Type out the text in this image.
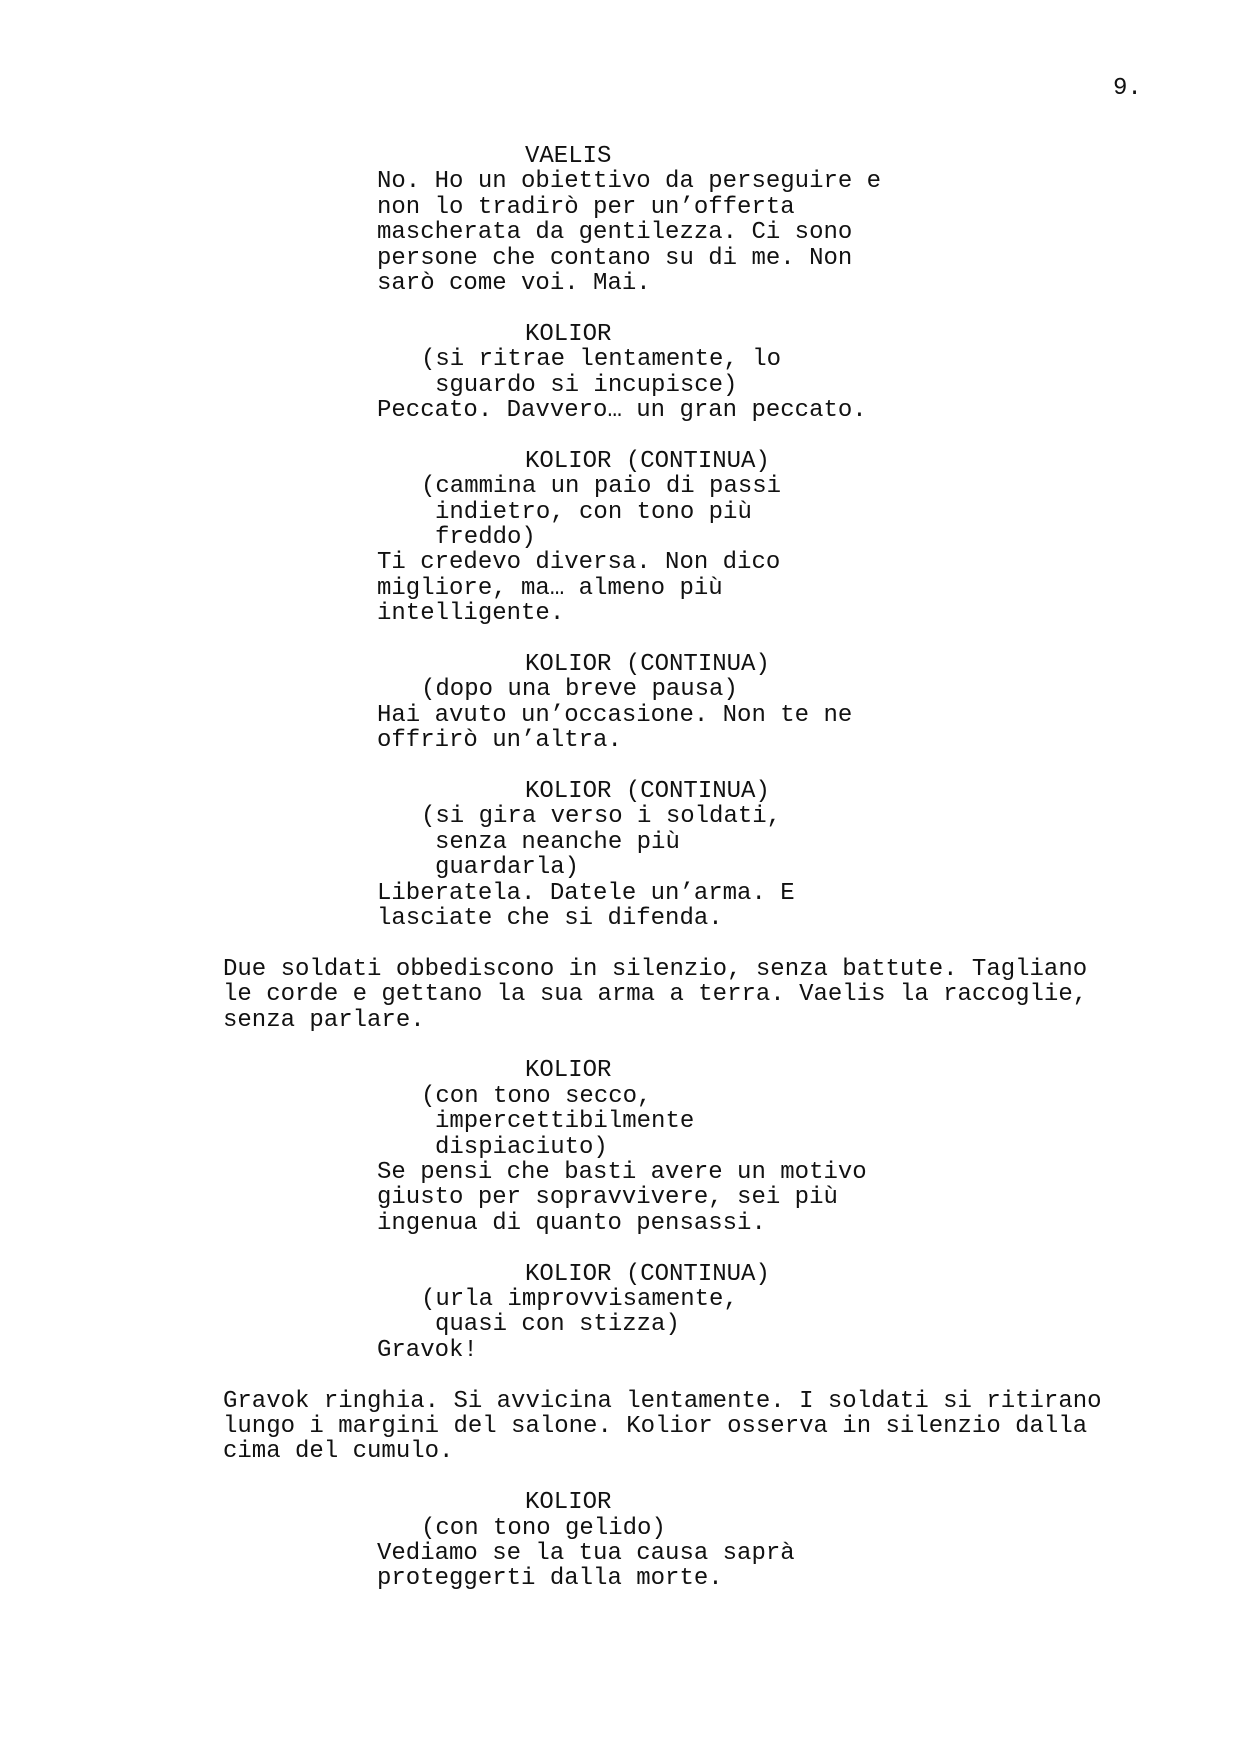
9.
VAELIS
No. Ho un obiettivo da perseguire e
non lo tradirò per un’offerta
mascherata da gentilezza. Ci sono
persone che contano su di me. Non
sarò come voi. Mai.
KOLIOR
(si ritrae lentamente, lo
sguardo si incupisce)
Peccato. Davvero… un gran peccato.
KOLIOR (CONTINUA)
(cammina un paio di passi
indietro, con tono più
freddo)
Ti credevo diversa. Non dico
migliore, ma… almeno più
intelligente.
KOLIOR (CONTINUA)
(dopo una breve pausa)
Hai avuto un’occasione. Non te ne
offrirò un’altra.
KOLIOR (CONTINUA)
(si gira verso i soldati,
senza neanche più
guardarla)
Liberatela. Datele un’arma. E
lasciate che si difenda.
Due soldati obbediscono in silenzio, senza battute. Tagliano
le corde e gettano la sua arma a terra. Vaelis la raccoglie,
senza parlare.
KOLIOR
(con tono secco,
impercettibilmente
dispiaciuto)
Se pensi che basti avere un motivo
giusto per sopravvivere, sei più
ingenua di quanto pensassi.
KOLIOR (CONTINUA)
(urla improvvisamente,
quasi con stizza)
Gravok!
Gravok ringhia. Si avvicina lentamente. I soldati si ritirano
lungo i margini del salone. Kolior osserva in silenzio dalla
cima del cumulo.
KOLIOR
(con tono gelido)
Vediamo se la tua causa saprà
proteggerti dalla morte.
